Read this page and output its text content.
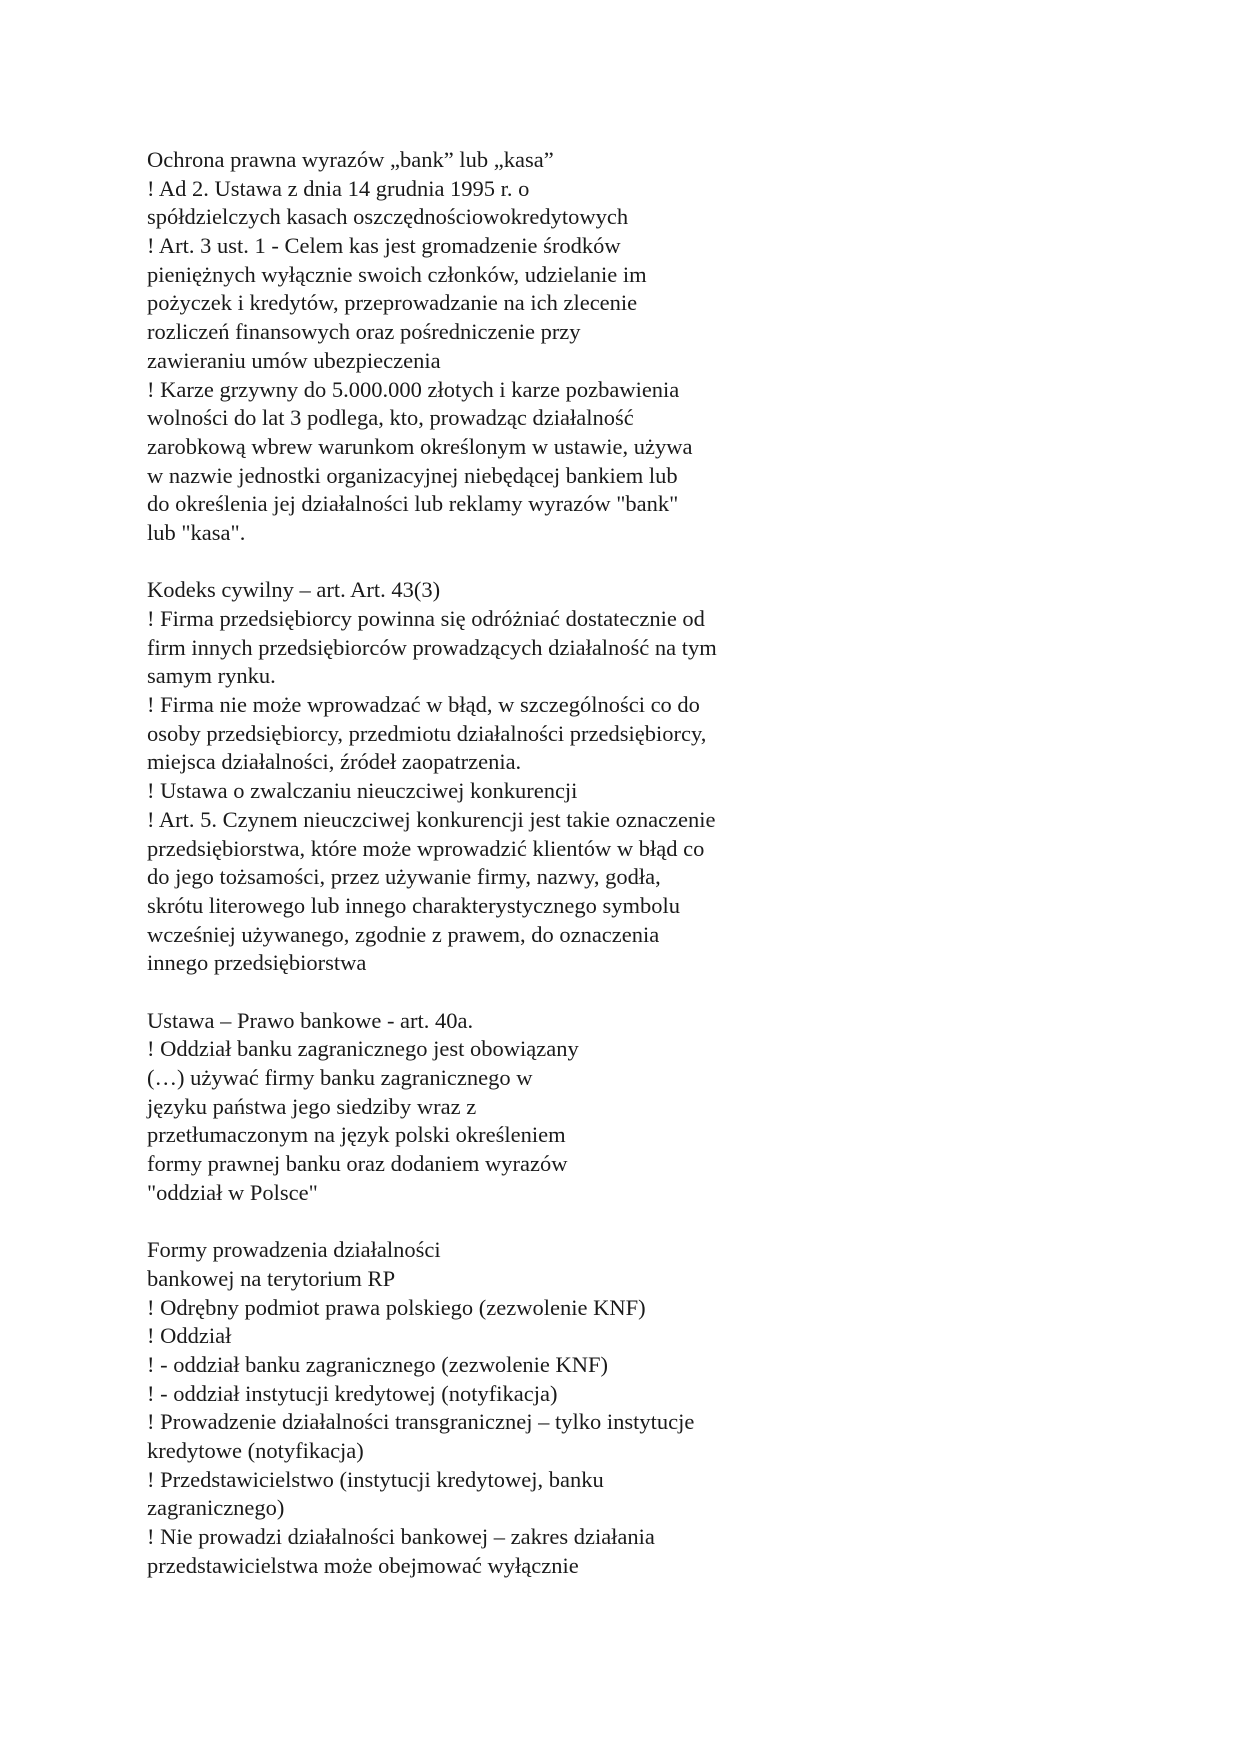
Ochrona prawna wyrazów „bank” lub „kasa”
! Ad 2. Ustawa z dnia 14 grudnia 1995 r. o
spółdzielczych kasach oszczędnościowokredytowych
! Art. 3 ust. 1 - Celem kas jest gromadzenie środków
pieniężnych wyłącznie swoich członków, udzielanie im
pożyczek i kredytów, przeprowadzanie na ich zlecenie
rozliczeń finansowych oraz pośredniczenie przy
zawieraniu umów ubezpieczenia
! Karze grzywny do 5.000.000 złotych i karze pozbawienia
wolności do lat 3 podlega, kto, prowadząc działalność
zarobkową wbrew warunkom określonym w ustawie, używa
w nazwie jednostki organizacyjnej niebędącej bankiem lub
do określenia jej działalności lub reklamy wyrazów "bank"
lub "kasa".
Kodeks cywilny – art. Art. 43(3)
! Firma przedsiębiorcy powinna się odróżniać dostatecznie od
firm innych przedsiębiorców prowadzących działalność na tym
samym rynku.
! Firma nie może wprowadzać w błąd, w szczególności co do
osoby przedsiębiorcy, przedmiotu działalności przedsiębiorcy,
miejsca działalności, źródeł zaopatrzenia.
! Ustawa o zwalczaniu nieuczciwej konkurencji
! Art. 5. Czynem nieuczciwej konkurencji jest takie oznaczenie
przedsiębiorstwa, które może wprowadzić klientów w błąd co
do jego tożsamości, przez używanie firmy, nazwy, godła,
skrótu literowego lub innego charakterystycznego symbolu
wcześniej używanego, zgodnie z prawem, do oznaczenia
innego przedsiębiorstwa
Ustawa – Prawo bankowe - art. 40a.
! Oddział banku zagranicznego jest obowiązany
(…) używać firmy banku zagranicznego w
języku państwa jego siedziby wraz z
przetłumaczonym na język polski określeniem
formy prawnej banku oraz dodaniem wyrazów
"oddział w Polsce"
Formy prowadzenia działalności
bankowej na terytorium RP
! Odrębny podmiot prawa polskiego (zezwolenie KNF)
! Oddział
! - oddział banku zagranicznego (zezwolenie KNF)
! - oddział instytucji kredytowej (notyfikacja)
! Prowadzenie działalności transgranicznej – tylko instytucje
kredytowe (notyfikacja)
! Przedstawicielstwo (instytucji kredytowej, banku
zagranicznego)
! Nie prowadzi działalności bankowej – zakres działania
przedstawicielstwa może obejmować wyłącznie
